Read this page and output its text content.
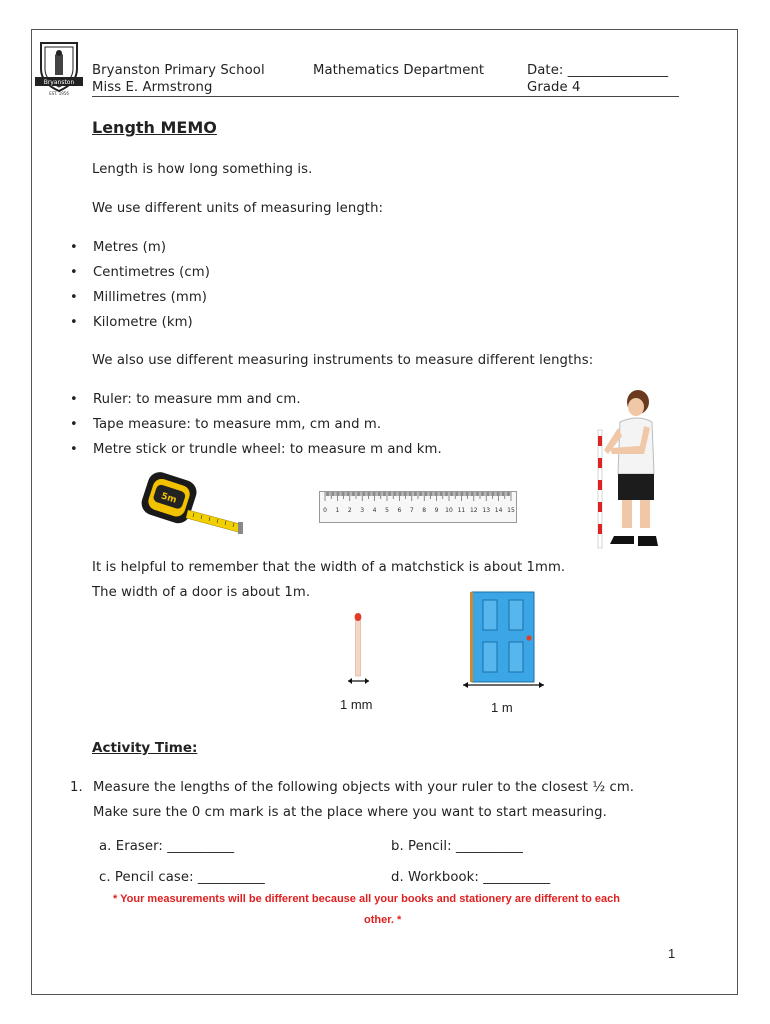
Bryanston
EST. 1956
Bryanston Primary School
Miss E. Armstrong
Mathematics Department	Date: _______________
Grade 4
Length MEMO
Length is how long something is.
We use different units of measuring length:
• Metres (m)
• Centimetres (cm)
• Millimetres (mm)
• Kilometre (km)
We also use different measuring instruments to measure different lengths:
• Ruler: to measure mm and cm.
• Tape measure: to measure mm, cm and m.
• Metre stick or trundle wheel: to measure m and km.
5m
0 1 2 3 4 5 6 7 8 9 10 11 12 13 14 15
It is helpful to remember that the width of a matchstick is about 1mm.
The width of a door is about 1m.
1 mm	1 m
Activity Time:
1. Measure the lengths of the following objects with your ruler to the closest ½ cm.
Make sure the 0 cm mark is at the place where you want to start measuring.
a. Eraser: __________	b. Pencil: __________
c. Pencil case: __________	d. Workbook: __________
* Your measurements will be different because all your books and stationery are different to each
other. *
1
